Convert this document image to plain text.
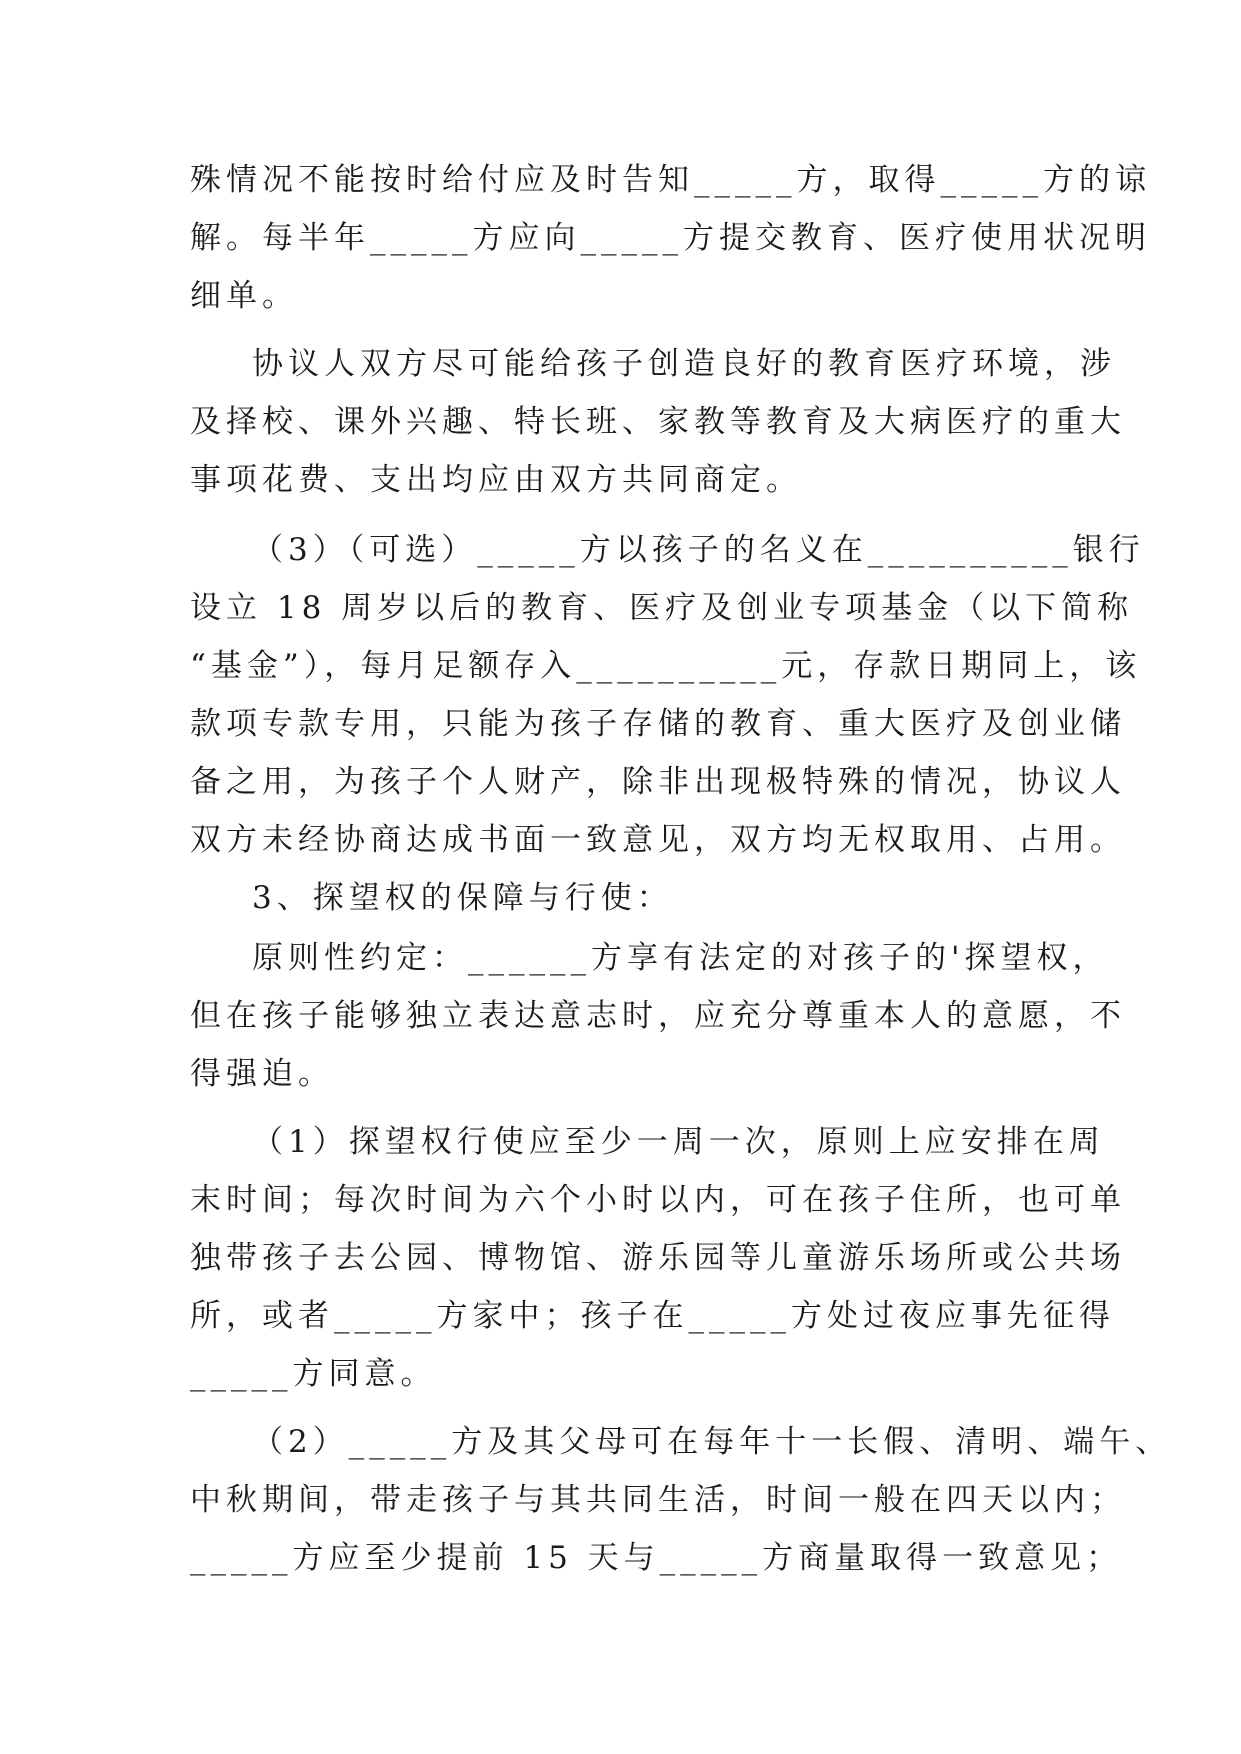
殊情况不能按时给付应及时告知_____方，取得_____方的谅
解。每半年_____方应向_____方提交教育、医疗使用状况明
细单。
协议人双方尽可能给孩子创造良好的教育医疗环境，涉
及择校、课外兴趣、特长班、家教等教育及大病医疗的重大
事项花费、支出均应由双方共同商定。
（3）（可选）_____方以孩子的名义在__________银行
设立 18 周岁以后的教育、医疗及创业专项基金（以下简称
“基金”），每月足额存入__________元，存款日期同上，该
款项专款专用，只能为孩子存储的教育、重大医疗及创业储
备之用，为孩子个人财产，除非出现极特殊的情况，协议人
双方未经协商达成书面一致意见，双方均无权取用、占用。
3、探望权的保障与行使：
原则性约定：______方享有法定的对孩子的'探望权，
但在孩子能够独立表达意志时，应充分尊重本人的意愿，不
得强迫。
（1）探望权行使应至少一周一次，原则上应安排在周
末时间；每次时间为六个小时以内，可在孩子住所，也可单
独带孩子去公园、博物馆、游乐园等儿童游乐场所或公共场
所，或者_____方家中；孩子在_____方处过夜应事先征得
_____方同意。
（2）_____方及其父母可在每年十一长假、清明、端午、
中秋期间，带走孩子与其共同生活，时间一般在四天以内；
_____方应至少提前 15 天与_____方商量取得一致意见；
